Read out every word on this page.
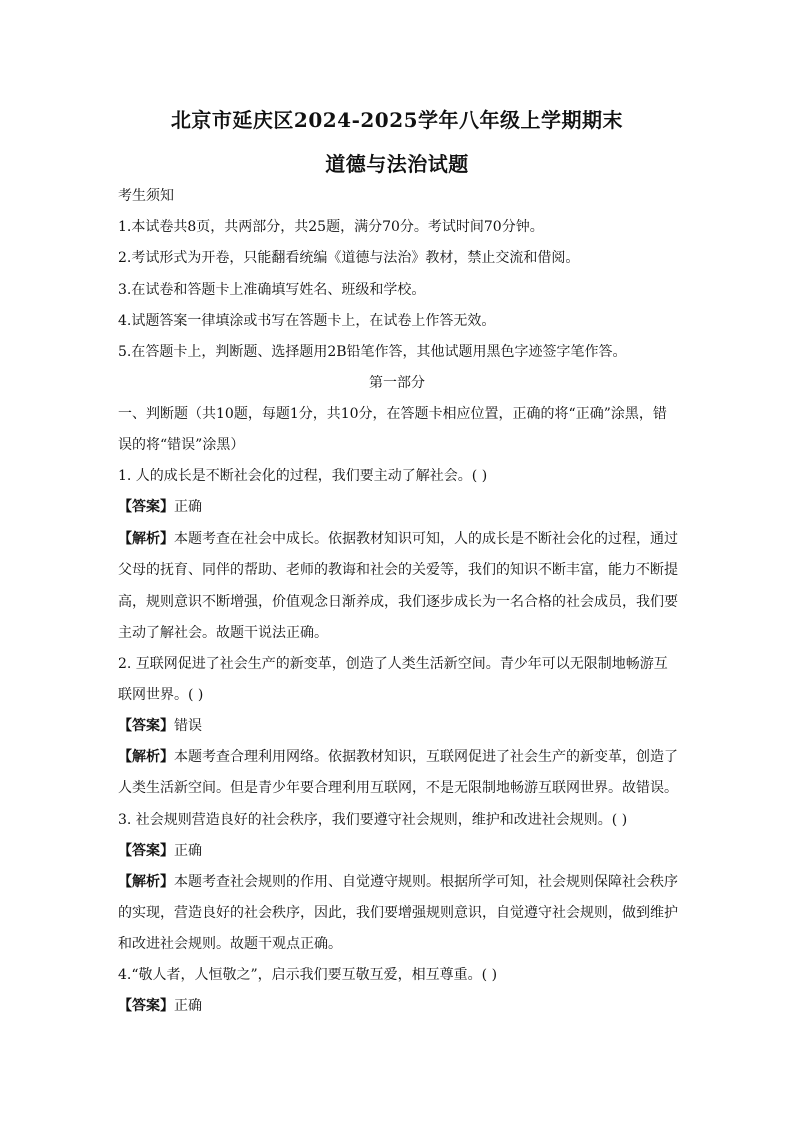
北京市延庆区2024-2025学年八年级上学期期末
道德与法治试题
考生须知
1.本试卷共8页，共两部分，共25题，满分70分。考试时间70分钟。
2.考试形式为开卷，只能翻看统编《道德与法治》教材，禁止交流和借阅。
3.在试卷和答题卡上准确填写姓名、班级和学校。
4.试题答案一律填涂或书写在答题卡上，在试卷上作答无效。
5.在答题卡上，判断题、选择题用2B铅笔作答，其他试题用黑色字迹签字笔作答。
第一部分
一、判断题（共10题，每题1分，共10分，在答题卡相应位置，正确的将“正确”涂黑，错
误的将“错误”涂黑）
1. 人的成长是不断社会化的过程，我们要主动了解社会。( )
【答案】正确
【解析】本题考查在社会中成长。依据教材知识可知，人的成长是不断社会化的过程，通过
父母的抚育、同伴的帮助、老师的教诲和社会的关爱等，我们的知识不断丰富，能力不断提
高，规则意识不断增强，价值观念日渐养成，我们逐步成长为一名合格的社会成员，我们要
主动了解社会。故题干说法正确。
2. 互联网促进了社会生产的新变革，创造了人类生活新空间。青少年可以无限制地畅游互
联网世界。( )
【答案】错误
【解析】本题考查合理利用网络。依据教材知识，互联网促进了社会生产的新变革，创造了
人类生活新空间。但是青少年要合理利用互联网，不是无限制地畅游互联网世界。故错误。
3. 社会规则营造良好的社会秩序，我们要遵守社会规则，维护和改进社会规则。( )
【答案】正确
【解析】本题考查社会规则的作用、自觉遵守规则。根据所学可知，社会规则保障社会秩序
的实现，营造良好的社会秩序，因此，我们要增强规则意识，自觉遵守社会规则，做到维护
和改进社会规则。故题干观点正确。
4.“敬人者，人恒敬之”，启示我们要互敬互爱，相互尊重。( )
【答案】正确
